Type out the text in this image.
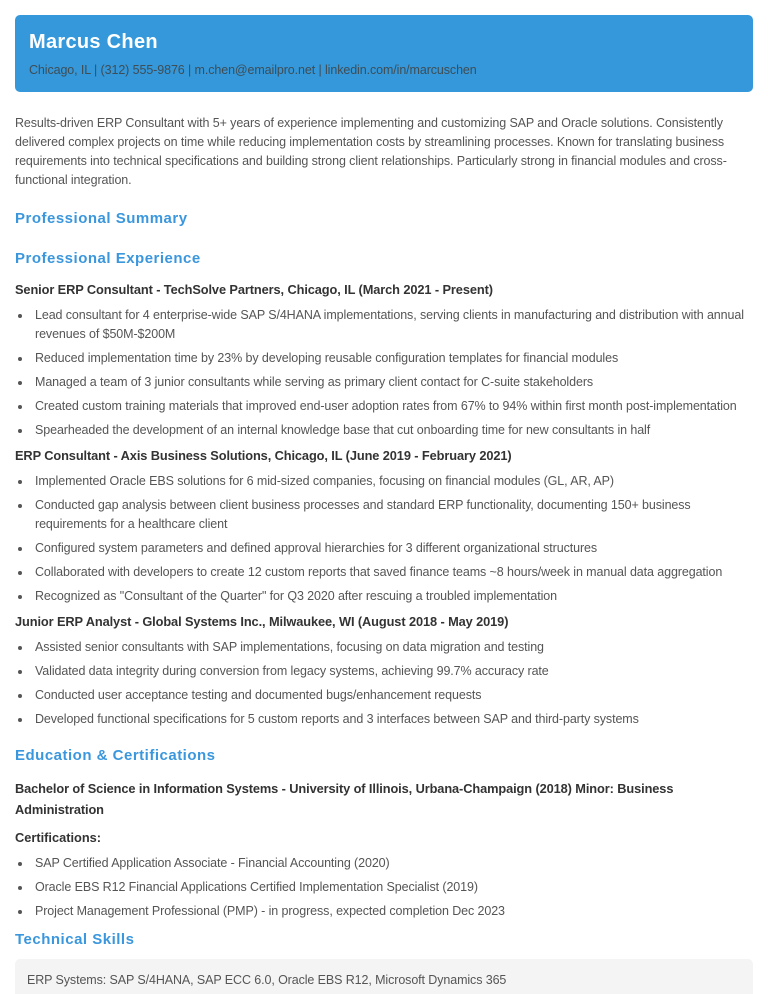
Marcus Chen

Chicago, IL | (312) 555-9876 | m.chen@emailpro.net | linkedin.com/in/marcuschen

Results-driven ERP Consultant with 5+ years of experience implementing and customizing SAP and Oracle solutions. Consistently delivered complex projects on time while reducing implementation costs by streamlining processes. Known for translating business requirements into technical specifications and building strong client relationships. Particularly strong in financial modules and cross-functional integration.

Professional Summary
Professional Experience
Senior ERP Consultant - TechSolve Partners, Chicago, IL (March 2021 - Present)
• Lead consultant for 4 enterprise-wide SAP S/4HANA implementations, serving clients in manufacturing and distribution with annual revenues of $50M-$200M
• Reduced implementation time by 23% by developing reusable configuration templates for financial modules
• Managed a team of 3 junior consultants while serving as primary client contact for C-suite stakeholders
• Created custom training materials that improved end-user adoption rates from 67% to 94% within first month post-implementation
• Spearheaded the development of an internal knowledge base that cut onboarding time for new consultants in half
ERP Consultant - Axis Business Solutions, Chicago, IL (June 2019 - February 2021)
• Implemented Oracle EBS solutions for 6 mid-sized companies, focusing on financial modules (GL, AR, AP)
• Conducted gap analysis between client business processes and standard ERP functionality, documenting 150+ business requirements for a healthcare client
• Configured system parameters and defined approval hierarchies for 3 different organizational structures
• Collaborated with developers to create 12 custom reports that saved finance teams ~8 hours/week in manual data aggregation
• Recognized as "Consultant of the Quarter" for Q3 2020 after rescuing a troubled implementation
Junior ERP Analyst - Global Systems Inc., Milwaukee, WI (August 2018 - May 2019)
• Assisted senior consultants with SAP implementations, focusing on data migration and testing
• Validated data integrity during conversion from legacy systems, achieving 99.7% accuracy rate
• Conducted user acceptance testing and documented bugs/enhancement requests
• Developed functional specifications for 5 custom reports and 3 interfaces between SAP and third-party systems
Education & Certifications

Bachelor of Science in Information Systems - University of Illinois, Urbana-Champaign (2018) Minor: Business Administration

Certifications:

• SAP Certified Application Associate - Financial Accounting (2020)
• Oracle EBS R12 Financial Applications Certified Implementation Specialist (2019)
• Project Management Professional (PMP) - in progress, expected completion Dec 2023
Technical Skills

ERP Systems: SAP S/4HANA, SAP ECC 6.0, Oracle EBS R12, Microsoft Dynamics 365
